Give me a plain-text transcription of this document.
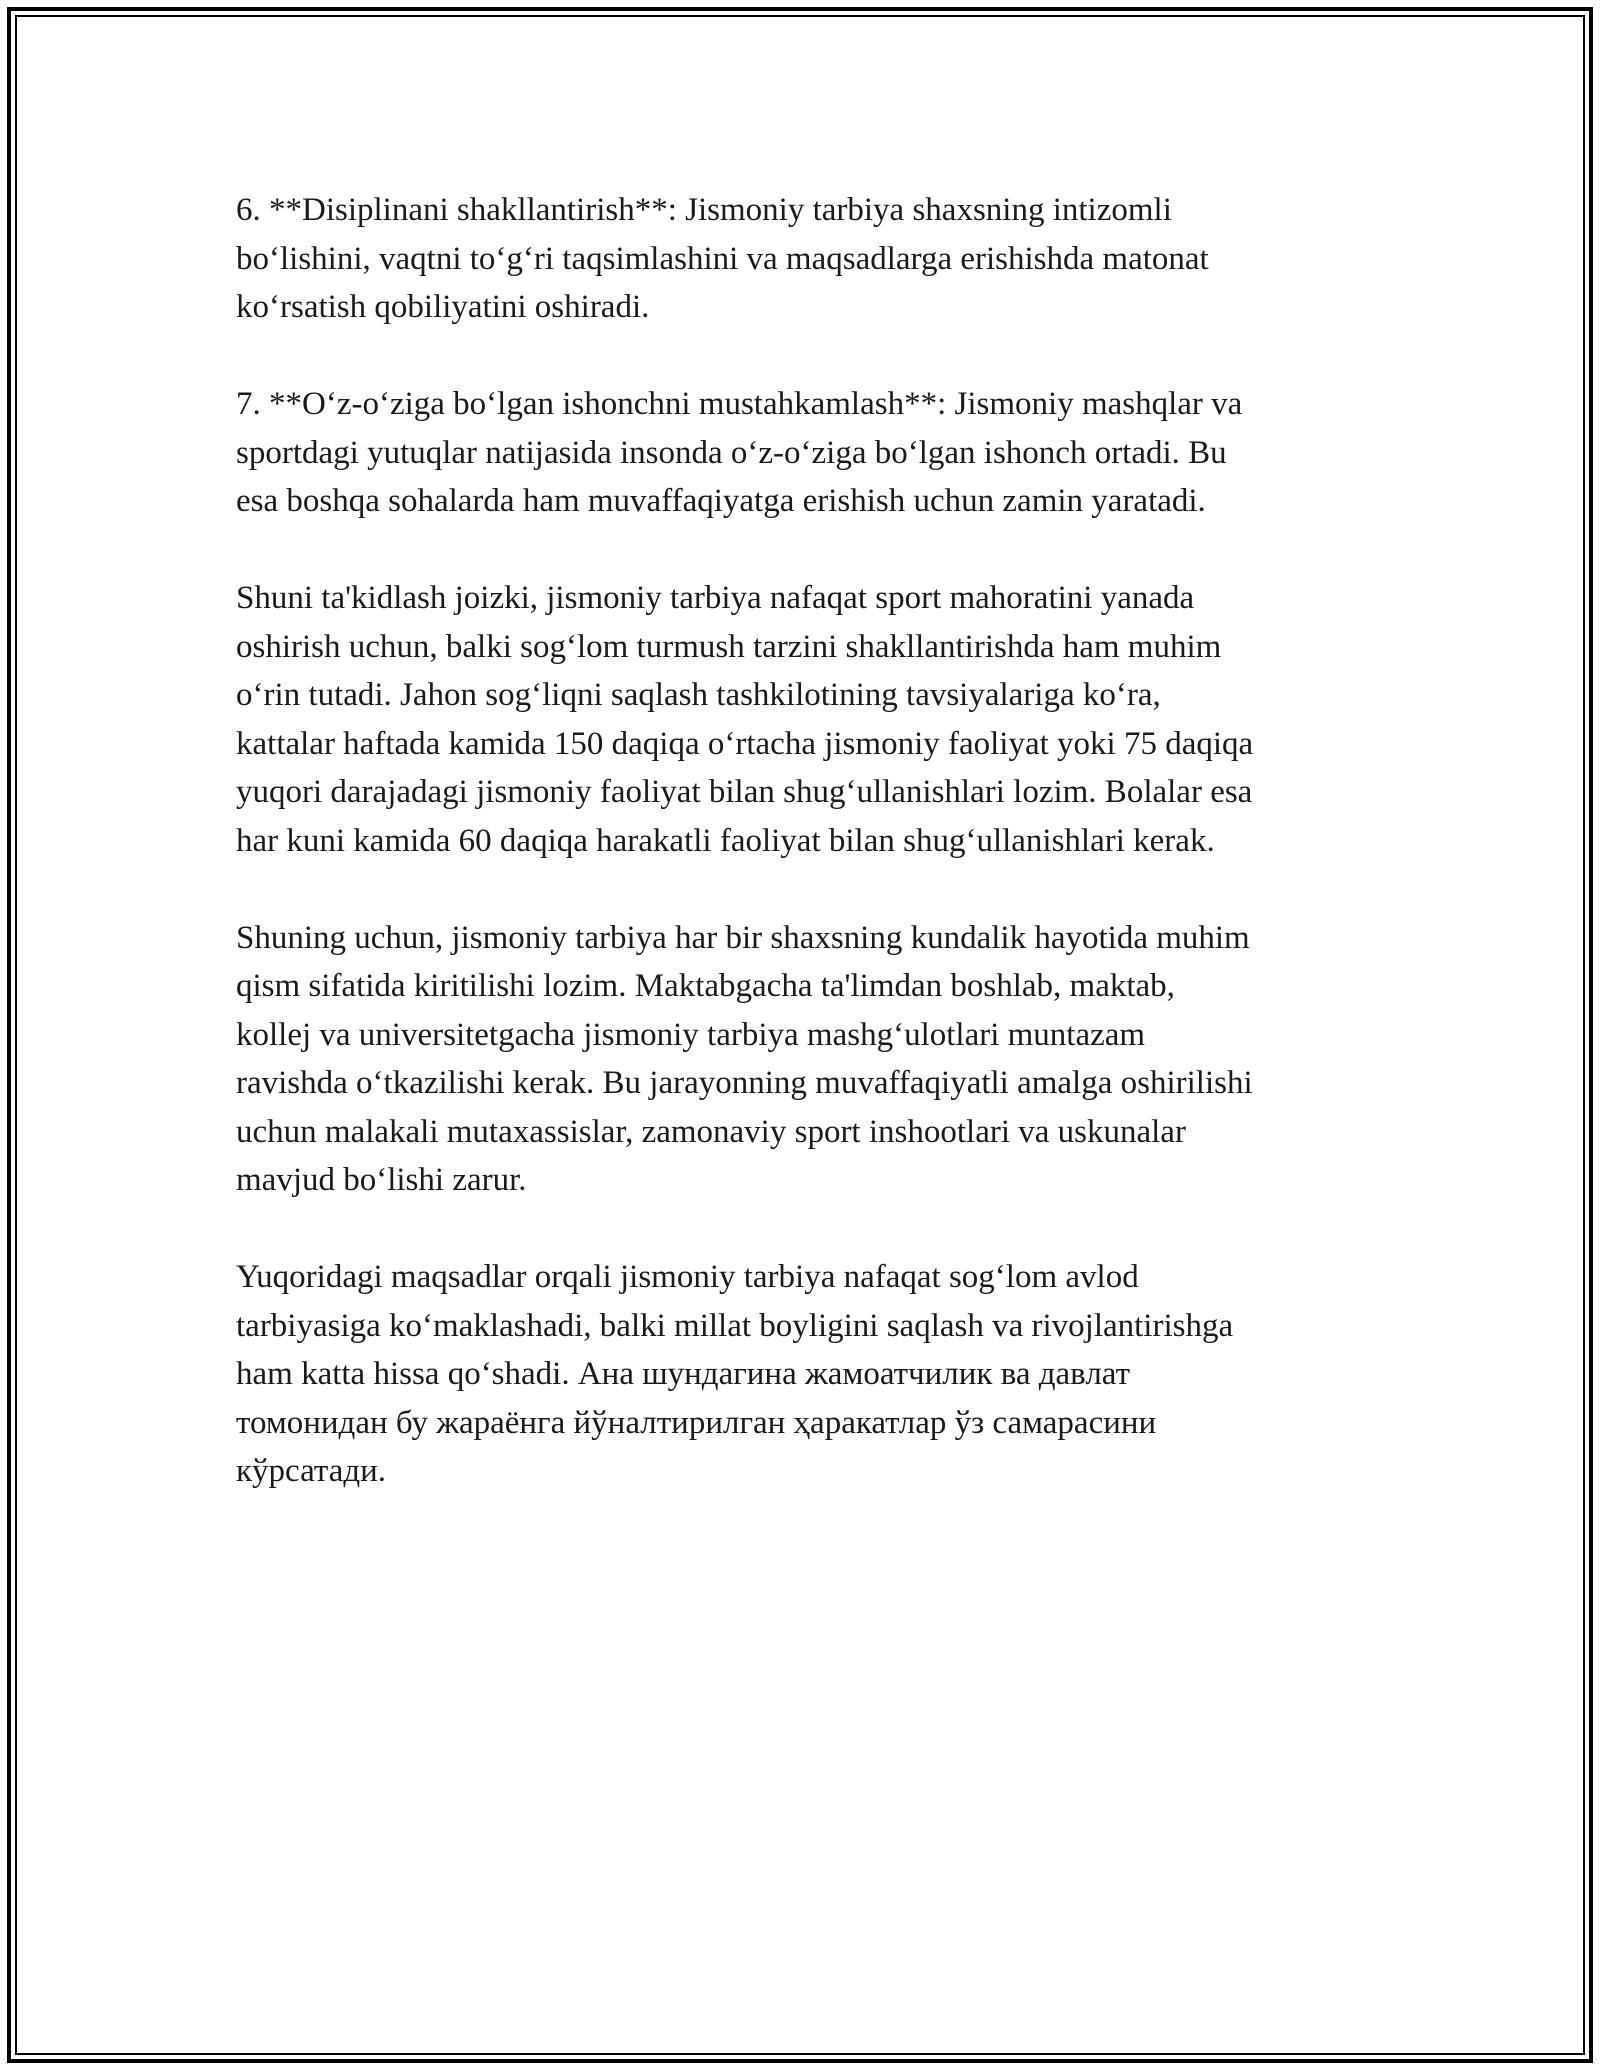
6. **Disiplinani shakllantirish**: Jismoniy tarbiya shaxsning intizomli
boʻlishini, vaqtni toʻgʻri taqsimlashini va maqsadlarga erishishda matonat
koʻrsatish qobiliyatini oshiradi.

7. **Oʻz-oʻziga boʻlgan ishonchni mustahkamlash**: Jismoniy mashqlar va
sportdagi yutuqlar natijasida insonda oʻz-oʻziga boʻlgan ishonch ortadi. Bu
esa boshqa sohalarda ham muvaffaqiyatga erishish uchun zamin yaratadi.

Shuni ta'kidlash joizki, jismoniy tarbiya nafaqat sport mahoratini yanada
oshirish uchun, balki sogʻlom turmush tarzini shakllantirishda ham muhim
oʻrin tutadi. Jahon sogʻliqni saqlash tashkilotining tavsiyalariga koʻra,
kattalar haftada kamida 150 daqiqa oʻrtacha jismoniy faoliyat yoki 75 daqiqa
yuqori darajadagi jismoniy faoliyat bilan shugʻullanishlari lozim. Bolalar esa
har kuni kamida 60 daqiqa harakatli faoliyat bilan shugʻullanishlari kerak.

Shuning uchun, jismoniy tarbiya har bir shaxsning kundalik hayotida muhim
qism sifatida kiritilishi lozim. Maktabgacha ta'limdan boshlab, maktab,
kollej va universitetgacha jismoniy tarbiya mashgʻulotlari muntazam
ravishda oʻtkazilishi kerak. Bu jarayonning muvaffaqiyatli amalga oshirilishi
uchun malakali mutaxassislar, zamonaviy sport inshootlari va uskunalar
mavjud boʻlishi zarur.

Yuqoridagi maqsadlar orqali jismoniy tarbiya nafaqat sogʻlom avlod
tarbiyasiga koʻmaklashadi, balki millat boyligini saqlash va rivojlantirishga
ham katta hissa qoʻshadi. Ана шундагина жамоатчилик ва давлат
томонидан бу жараёнга йўналтирилган ҳаракатлар ўз самарасини
кўрсатади.
